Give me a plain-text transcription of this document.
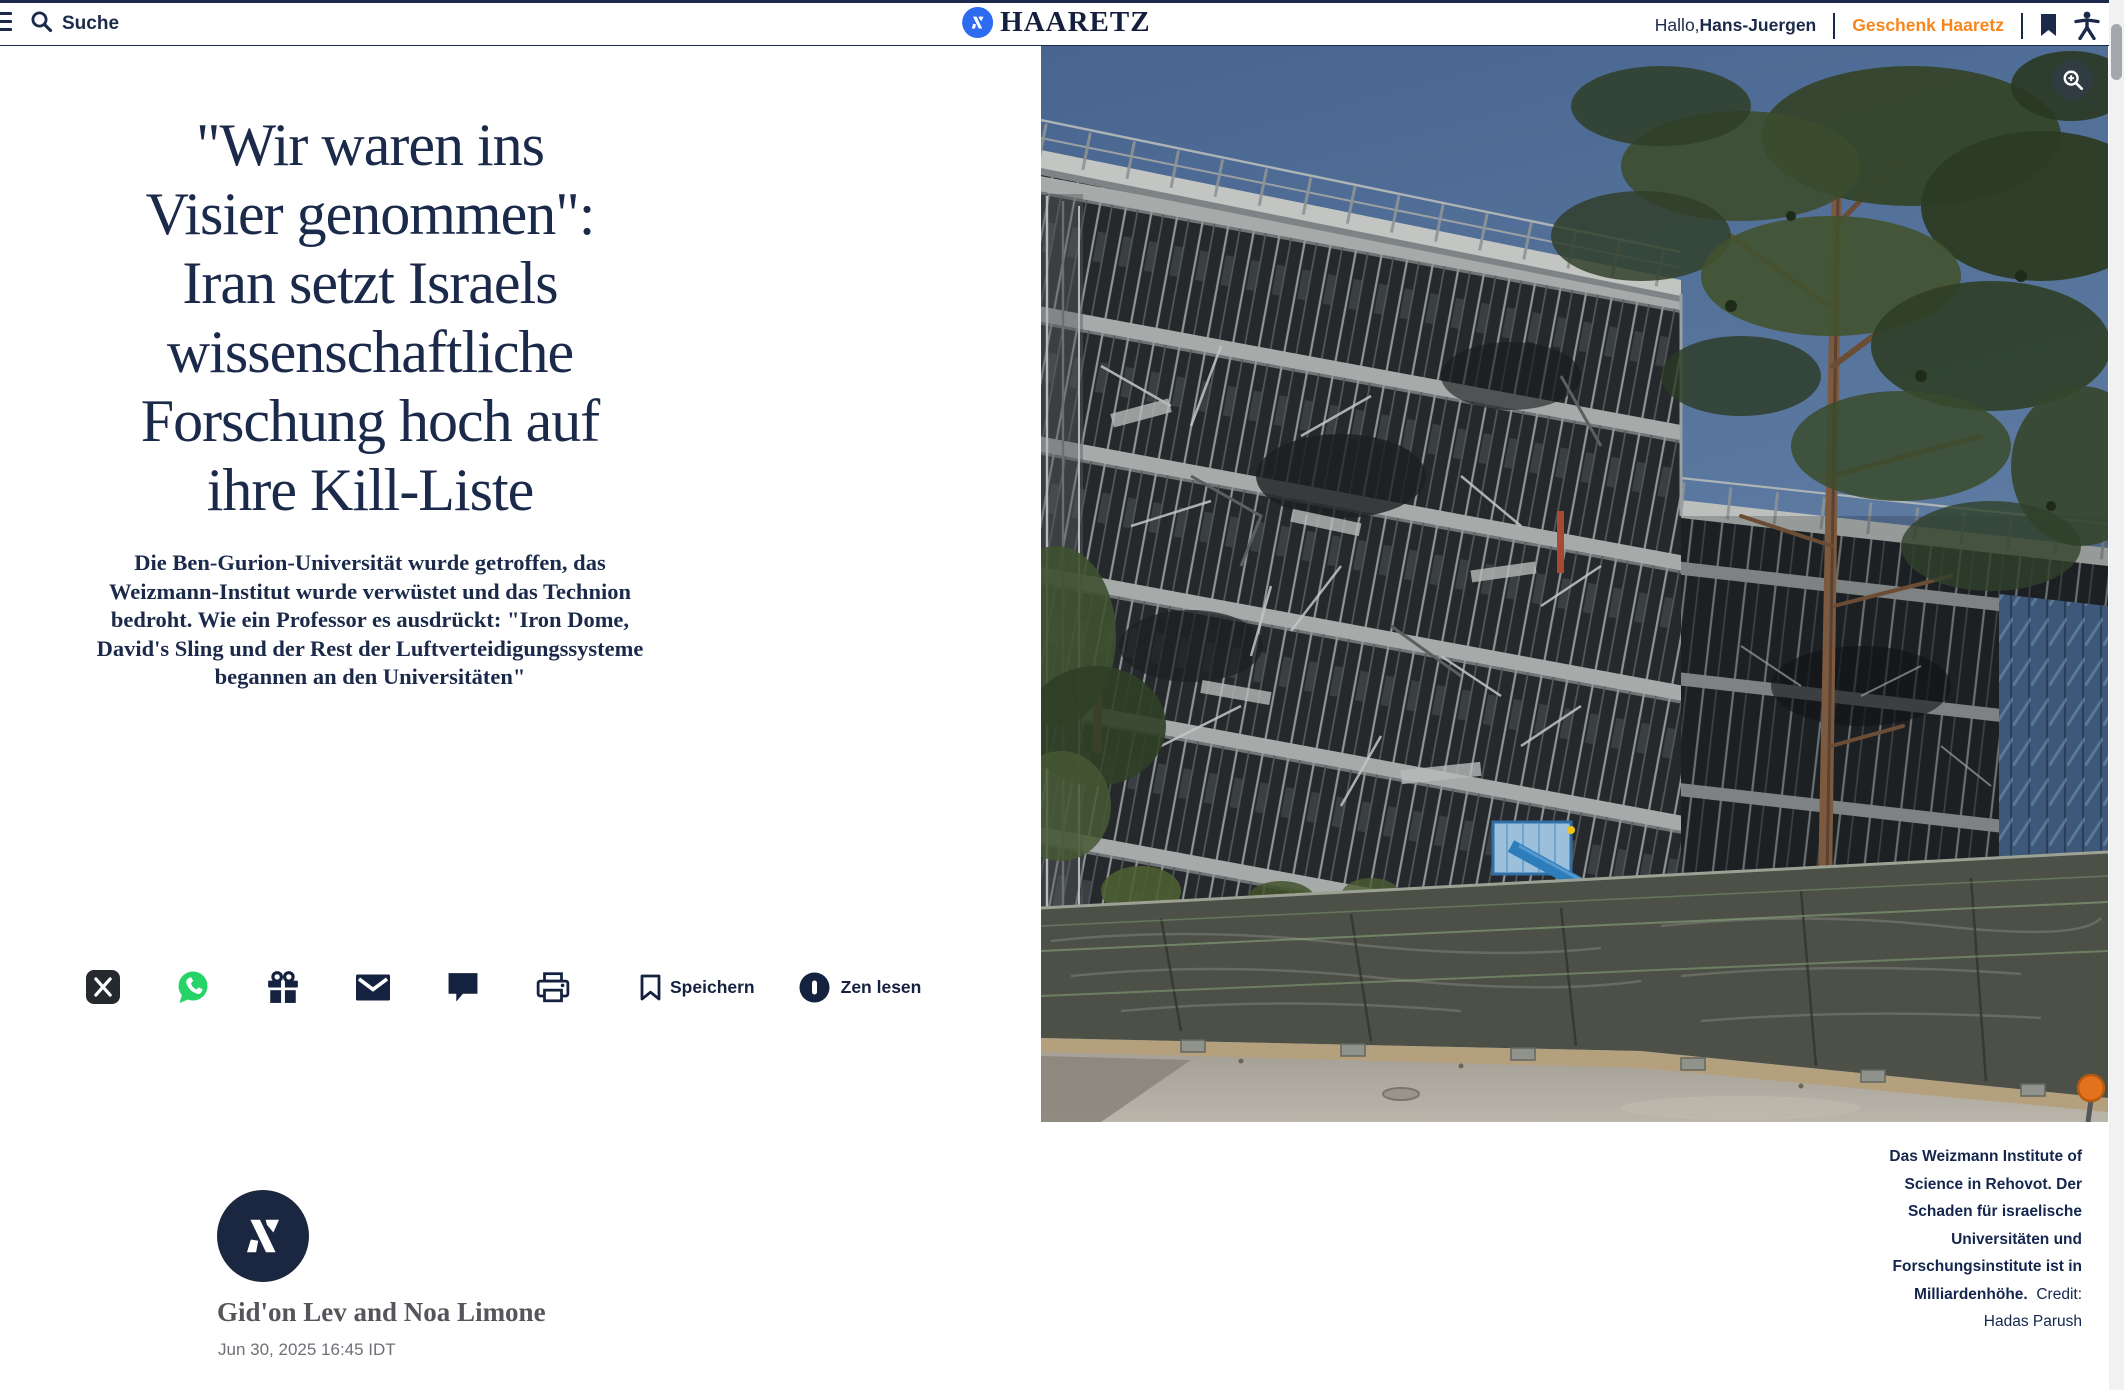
Suche	HAARETZ	Hallo,Hans-Juergen Geschenk Haaretz
"Wir waren ins
Visier genommen":
Iran setzt Israels
wissenschaftliche
Forschung hoch auf
ihre Kill-Liste
Die Ben-Gurion-Universität wurde getroffen, das
Weizmann-Institut wurde verwüstet und das Technion
bedroht. Wie ein Professor es ausdrückt: "Iron Dome,
David's Sling und der Rest der Luftverteidigungssysteme
begannen an den Universitäten"
Speichern	Zen lesen
Gid'on Lev and Noa Limone
Jun 30, 2025 16:45 IDT
Das Weizmann Institute of
Science in Rehovot. Der
Schaden für israelische
Universitäten und
Forschungsinstitute ist in
Milliardenhöhe. Credit:
Hadas Parush
